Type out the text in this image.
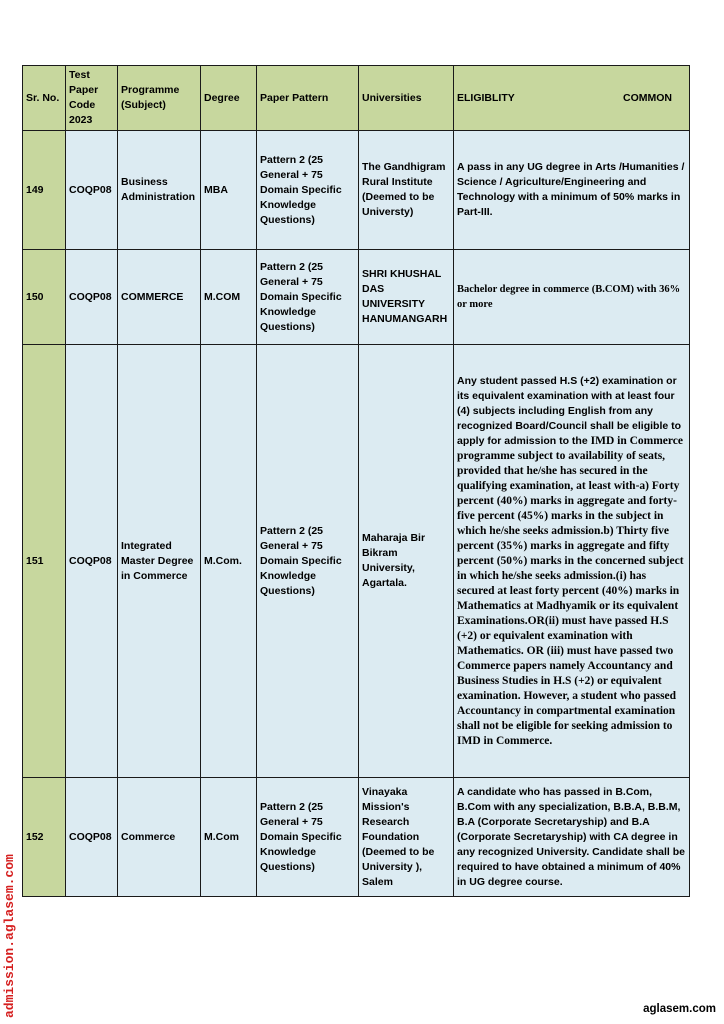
Sr. No.	Test Paper Code 2023	Programme (Subject)	Degree	Paper Pattern	Universities	ELIGIBLITY COMMON

149	COQP08	Business Administration	MBA	Pattern 2 (25 General + 75 Domain Specific Knowledge Questions)	The Gandhigram Rural Institute (Deemed to be Universty)	A pass in any UG degree in Arts /Humanities / Science / Agriculture/Engineering and Technology with a minimum of 50% marks in Part-III.
150	COQP08	COMMERCE	M.COM	Pattern 2 (25 General + 75 Domain Specific Knowledge Questions)	SHRI KHUSHAL DAS UNIVERSITY HANUMANGARH	Bachelor degree in commerce (B.COM) with 36% or more
151	COQP08	Integrated Master Degree in Commerce	M.Com.	Pattern 2 (25 General + 75 Domain Specific Knowledge Questions)	Maharaja Bir Bikram University, Agartala.	Any student passed H.S (+2) examination or its equivalent examination with at least four (4) subjects including English from any recognized Board/Council shall be eligible to apply for admission to the IMD in Commerce programme subject to availability of seats, provided that he/she has secured in the qualifying examination, at least with-a) Forty percent (40%) marks in aggregate and forty-five percent (45%) marks in the subject in which he/she seeks admission.b) Thirty five percent (35%) marks in aggregate and fifty percent (50%) marks in the concerned subject in which he/she seeks admission.(i) has secured at least forty percent (40%) marks in Mathematics at Madhyamik or its equivalent Examinations.OR(ii) must have passed H.S (+2) or equivalent examination with Mathematics. OR (iii) must have passed two Commerce papers namely Accountancy and Business Studies in H.S (+2) or equivalent examination. However, a student who passed Accountancy in compartmental examination shall not be eligible for seeking admission to IMD in Commerce.
152	COQP08	Commerce	M.Com	Pattern 2 (25 General + 75 Domain Specific Knowledge Questions)	Vinayaka Mission's Research Foundation (Deemed to be University ), Salem	A candidate who has passed in B.Com, B.Com with any specialization, B.B.A, B.B.M, B.A (Corporate Secretaryship) and B.A (Corporate Secretaryship) with CA degree in any recognized University. Candidate shall be required to have obtained a minimum of 40% in UG degree course.
admission.aglasem.com	aglasem.com
